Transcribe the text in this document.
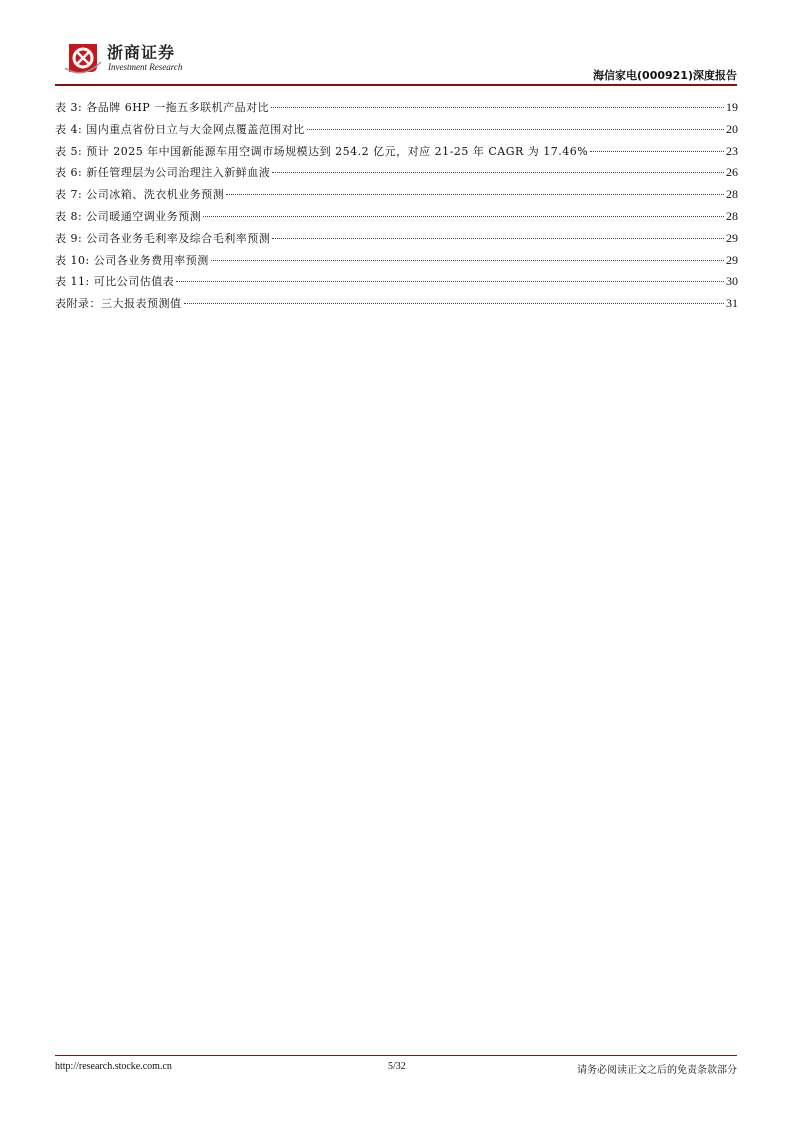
浙商证券
Investment Research
海信家电(000921)深度报告
表 3: 各品牌 6HP 一拖五多联机产品对比	19
表 4: 国内重点省份日立与大金网点覆盖范围对比	20
表 5: 预计 2025 年中国新能源车用空调市场规模达到 254.2 亿元，对应 21-25 年 CAGR 为 17.46%	23
表 6: 新任管理层为公司治理注入新鲜血液	26
表 7: 公司冰箱、洗衣机业务预测	28
表 8: 公司暖通空调业务预测	28
表 9: 公司各业务毛利率及综合毛利率预测	29
表 10: 公司各业务费用率预测	29
表 11: 可比公司估值表	30
表附录：三大报表预测值	31
http://research.stocke.com.cn	5/32	请务必阅读正文之后的免责条款部分
